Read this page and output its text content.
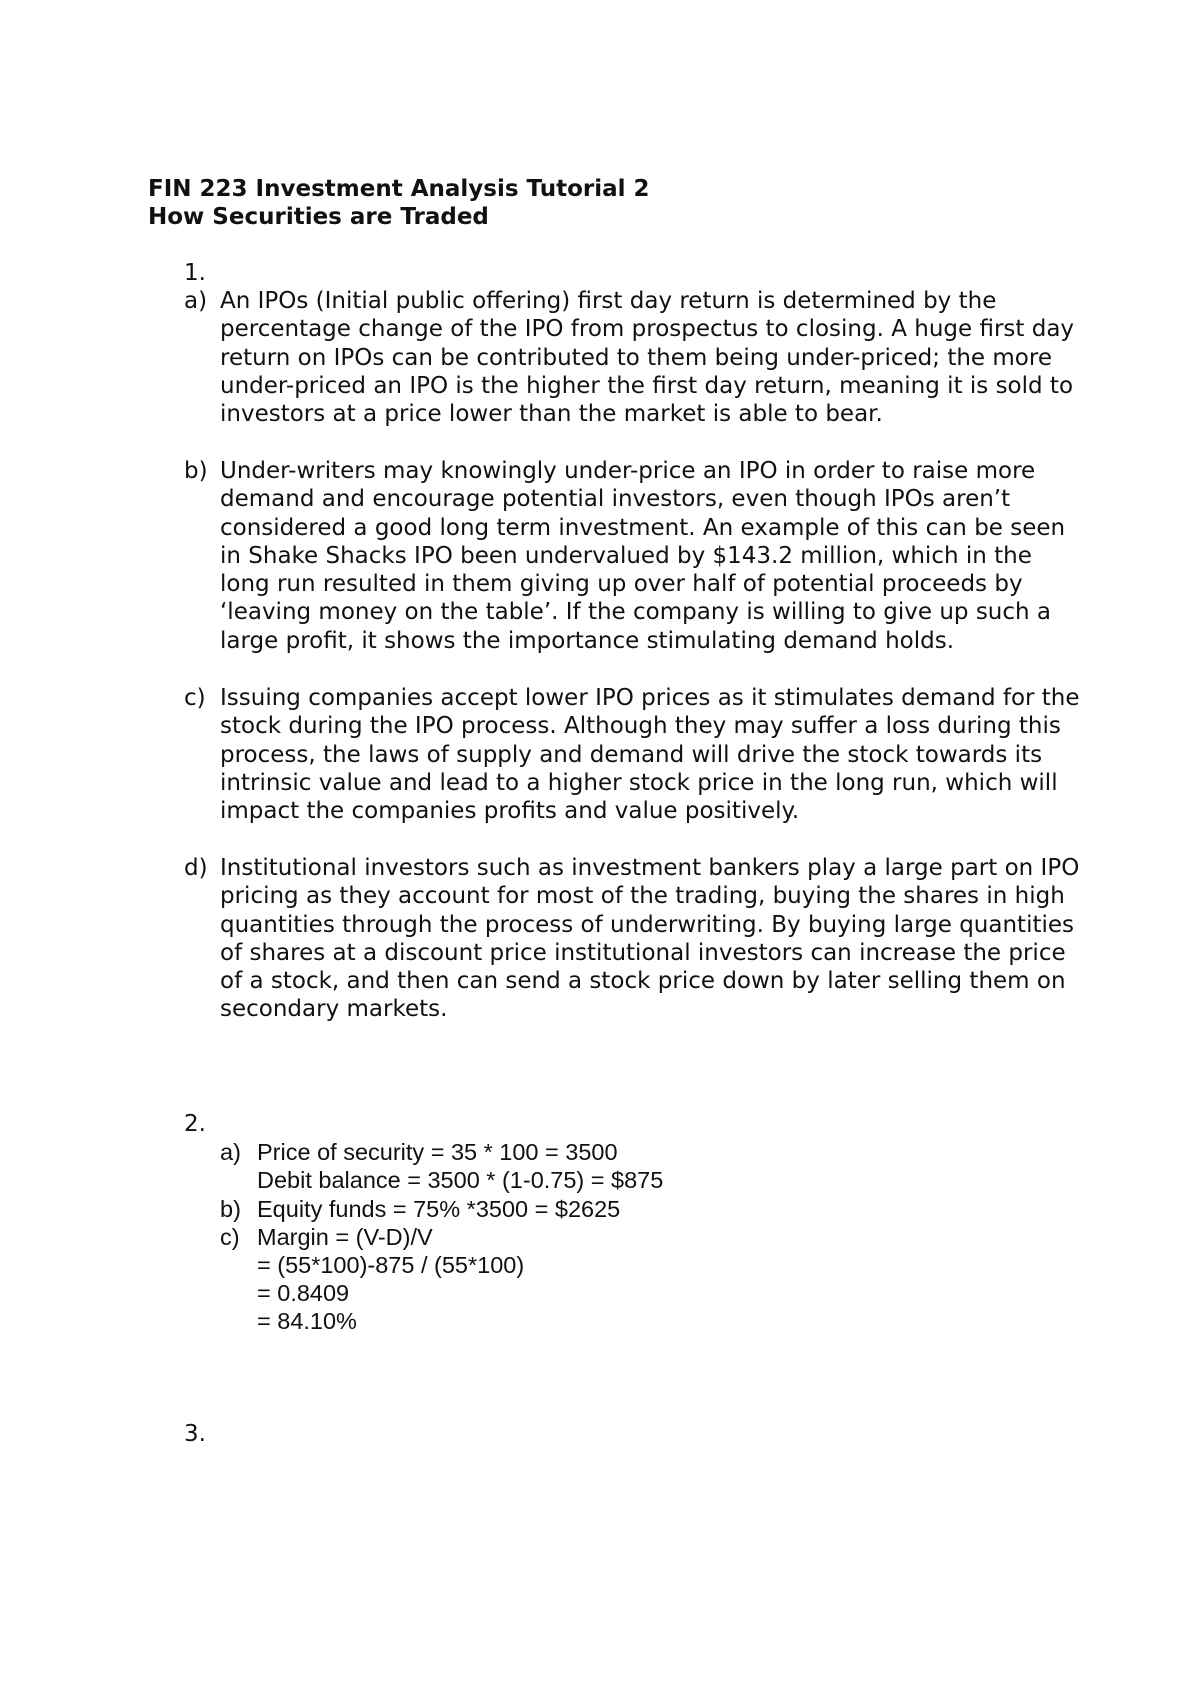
FIN 223 Investment Analysis Tutorial 2
How Securities are Traded
1.
a) An IPOs (Initial public offering) first day return is determined by the percentage change of the IPO from prospectus to closing. A huge first day return on IPOs can be contributed to them being under-priced; the more under-priced an IPO is the higher the first day return, meaning it is sold to investors at a price lower than the market is able to bear.
b) Under-writers may knowingly under-price an IPO in order to raise more demand and encourage potential investors, even though IPOs aren’t considered a good long term investment. An example of this can be seen in Shake Shacks IPO been undervalued by $143.2 million, which in the long run resulted in them giving up over half of potential proceeds by ‘leaving money on the table’. If the company is willing to give up such a large profit, it shows the importance stimulating demand holds.
c) Issuing companies accept lower IPO prices as it stimulates demand for the stock during the IPO process. Although they may suffer a loss during this process, the laws of supply and demand will drive the stock towards its intrinsic value and lead to a higher stock price in the long run, which will impact the companies profits and value positively.
d) Institutional investors such as investment bankers play a large part on IPO pricing as they account for most of the trading, buying the shares in high quantities through the process of underwriting. By buying large quantities of shares at a discount price institutional investors can increase the price of a stock, and then can send a stock price down by later selling them on secondary markets.
2.
a) Price of security = 35 * 100 = 3500
Debit balance = 3500 * (1-0.75) = $875
b) Equity funds = 75% *3500 = $2625
c) Margin = (V-D)/V
= (55*100)-875 / (55*100)
= 0.8409
= 84.10%
3.
